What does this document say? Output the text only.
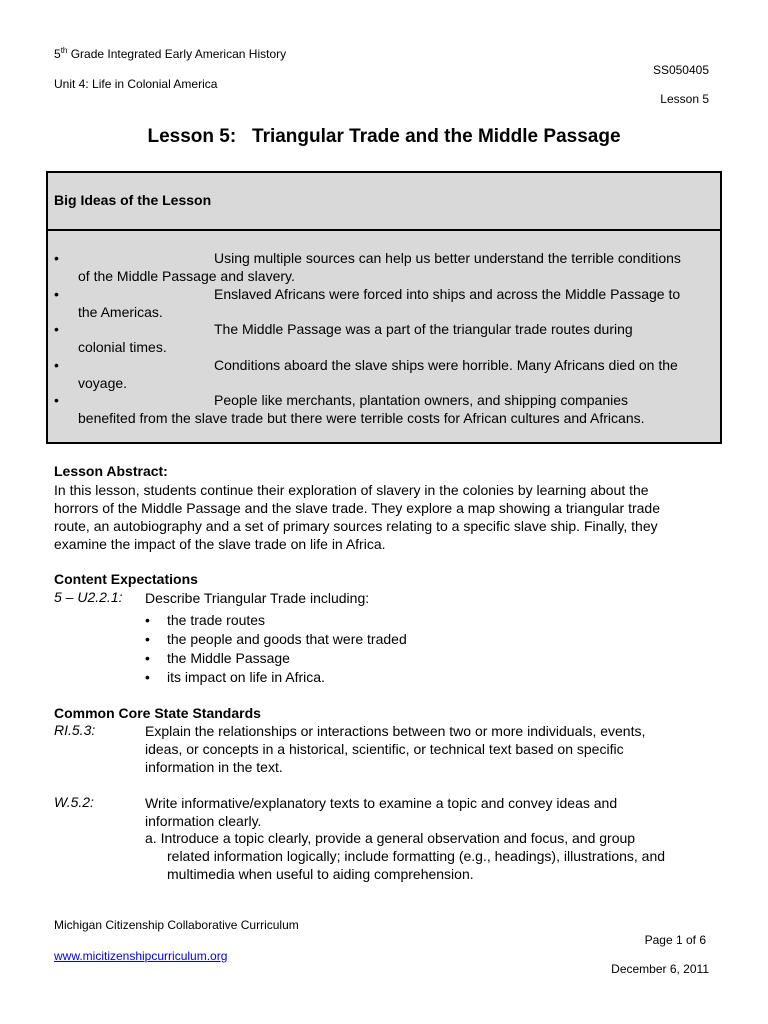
5th Grade Integrated Early American History
Unit 4: Life in Colonial America
SS050405
Lesson 5
Lesson 5:   Triangular Trade and the Middle Passage
Big Ideas of the Lesson
•	Using multiple sources can help us better understand the terrible conditions
of the Middle Passage and slavery.
•	Enslaved Africans were forced into ships and across the Middle Passage to
the Americas.
•	The Middle Passage was a part of the triangular trade routes during
colonial times.
•	Conditions aboard the slave ships were horrible. Many Africans died on the
voyage.
•	People like merchants, plantation owners, and shipping companies
benefited from the slave trade but there were terrible costs for African cultures and Africans.
Lesson Abstract:
In this lesson, students continue their exploration of slavery in the colonies by learning about the
horrors of the Middle Passage and the slave trade. They explore a map showing a triangular trade
route, an autobiography and a set of primary sources relating to a specific slave ship. Finally, they
examine the impact of the slave trade on life in Africa.
Content Expectations
5 – U2.2.1: Describe Triangular Trade including:
• the trade routes
• the people and goods that were traded
• the Middle Passage
• its impact on life in Africa.
Common Core State Standards
RI.5.3:	Explain the relationships or interactions between two or more individuals, events,
ideas, or concepts in a historical, scientific, or technical text based on specific
information in the text.
W.5.2:	Write informative/explanatory texts to examine a topic and convey ideas and
information clearly.
a. Introduce a topic clearly, provide a general observation and focus, and group
related information logically; include formatting (e.g., headings), illustrations, and
multimedia when useful to aiding comprehension.
Michigan Citizenship Collaborative Curriculum
www.micitizenshipcurriculum.org
Page 1 of 6
December 6, 2011
